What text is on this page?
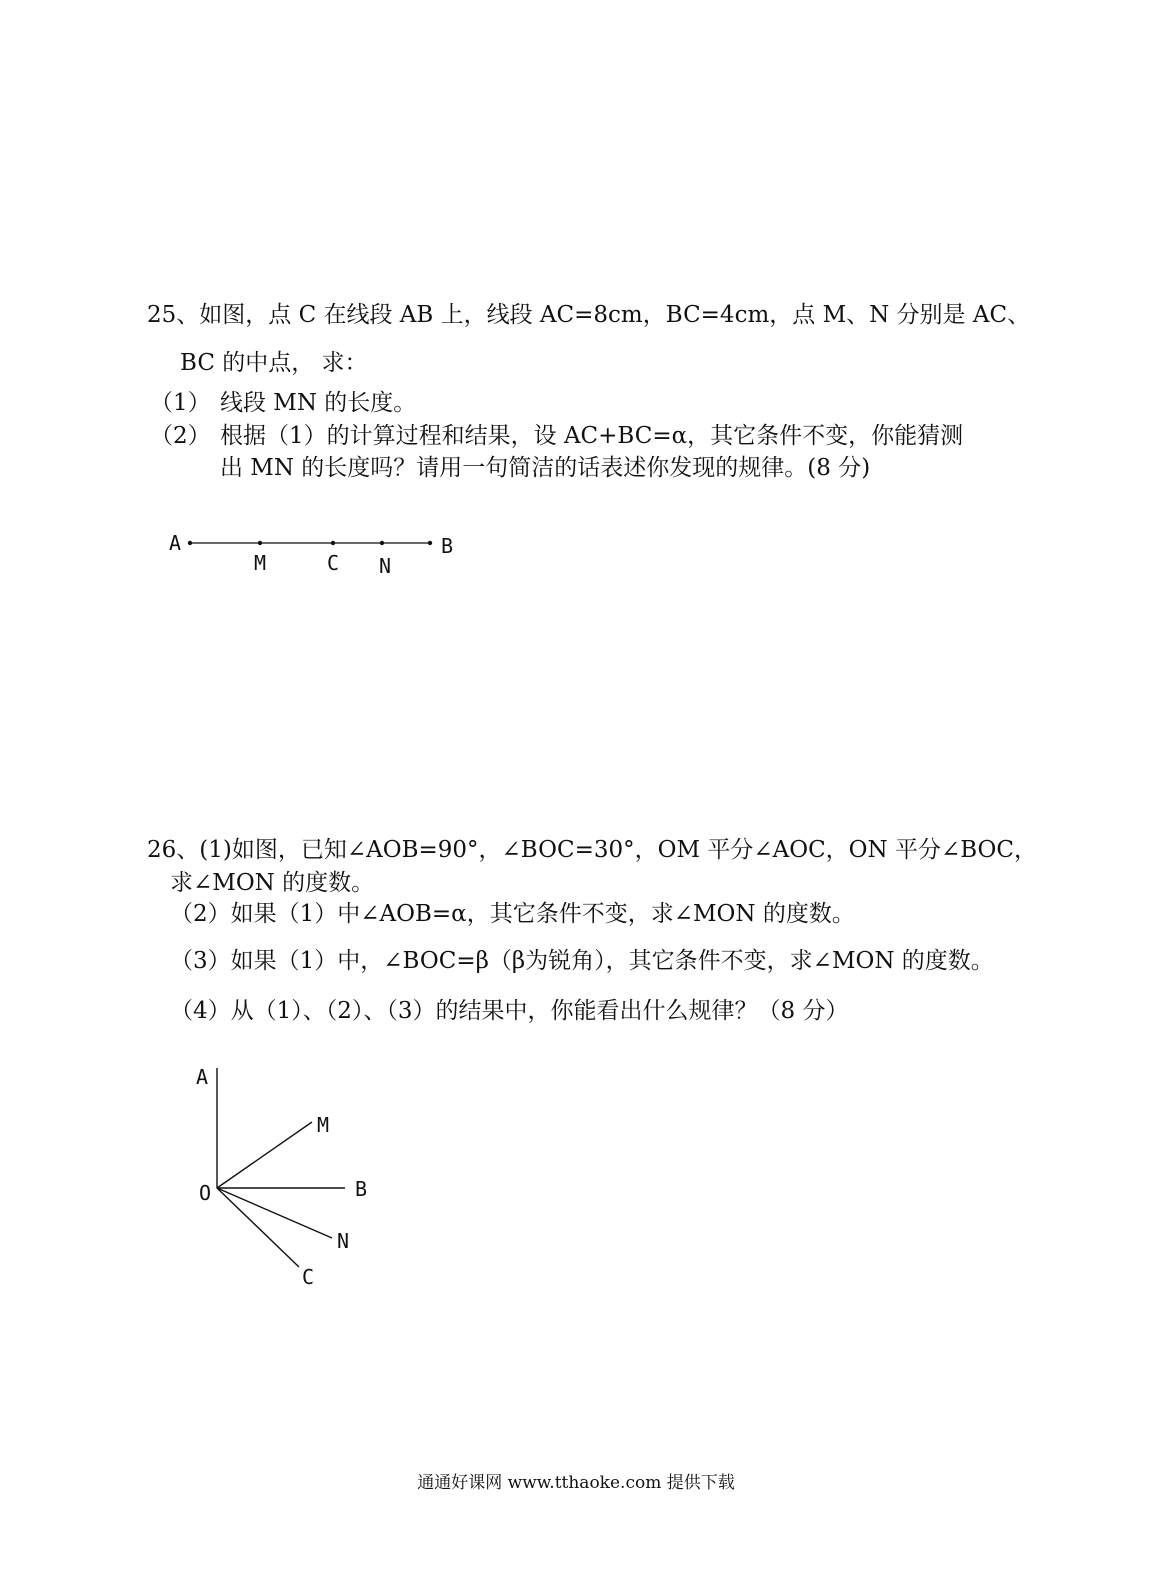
25、如图，点 C 在线段 AB 上，线段 AC=8cm，BC=4cm，点 M、N 分别是 AC、
BC 的中点， 求：
（1） 线段 MN 的长度。
（2） 根据（1）的计算过程和结果，设 AC+BC=α，其它条件不变，你能猜测
出 MN 的长度吗？请用一句简洁的话表述你发现的规律。(8 分)
A
M	C N
B
26、(1)如图，已知∠AOB=90°，∠BOC=30°，OM 平分∠AOC，ON 平分∠BOC，
求∠MON 的度数。
（2）如果（1）中∠AOB=α，其它条件不变，求∠MON 的度数。
（3）如果（1）中，∠BOC=β（β为锐角），其它条件不变，求∠MON 的度数。
（4）从（1）、（2）、（3）的结果中，你能看出什么规律？（8 分）
A
M
O	B
N
C
通通好课网 www.tthaoke.com 提供下载
